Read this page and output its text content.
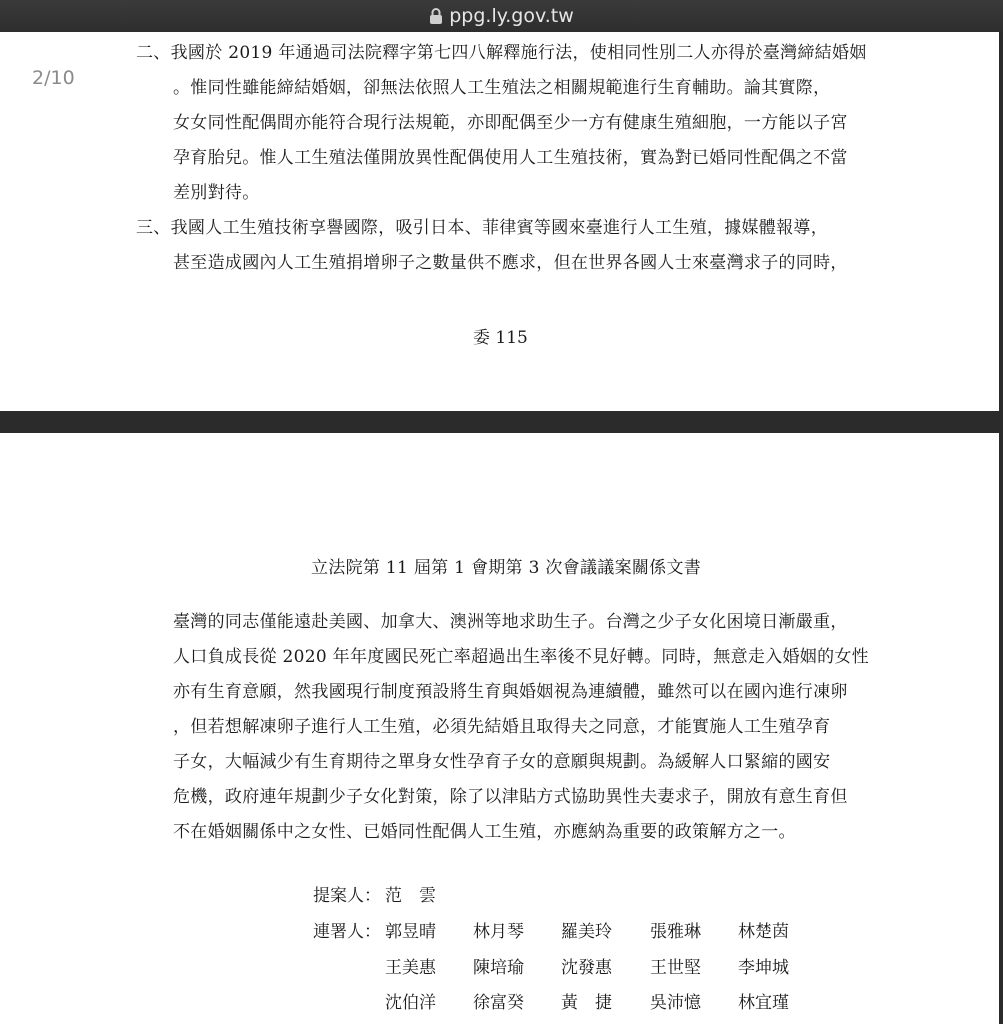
ppg.ly.gov.tw
2/10
二、我國於 2019 年通過司法院釋字第七四八解釋施行法，使相同性別二人亦得於臺灣締結婚姻
。惟同性雖能締結婚姻，卻無法依照人工生殖法之相關規範進行生育輔助。論其實際，
女女同性配偶間亦能符合現行法規範，亦即配偶至少一方有健康生殖細胞，一方能以子宮
孕育胎兒。惟人工生殖法僅開放異性配偶使用人工生殖技術，實為對已婚同性配偶之不當
差別對待。
三、我國人工生殖技術享譽國際，吸引日本、菲律賓等國來臺進行人工生殖，據媒體報導，
甚至造成國內人工生殖捐增卵子之數量供不應求，但在世界各國人士來臺灣求子的同時，
委 115
立法院第 11 屆第 1 會期第 3 次會議議案關係文書
臺灣的同志僅能遠赴美國、加拿大、澳洲等地求助生子。台灣之少子女化困境日漸嚴重，
人口負成長從 2020 年年度國民死亡率超過出生率後不見好轉。同時，無意走入婚姻的女性
亦有生育意願，然我國現行制度預設將生育與婚姻視為連續體，雖然可以在國內進行凍卵
，但若想解凍卵子進行人工生殖，必須先結婚且取得夫之同意，才能實施人工生殖孕育
子女，大幅減少有生育期待之單身女性孕育子女的意願與規劃。為緩解人口緊縮的國安
危機，政府連年規劃少子女化對策，除了以津貼方式協助異性夫妻求子，開放有意生育但
不在婚姻關係中之女性、已婚同性配偶人工生殖，亦應納為重要的政策解方之一。
提案人： 范　雲
連署人： 郭昱晴 林月琴 羅美玲 張雅琳 林楚茵
王美惠 陳培瑜 沈發惠 王世堅 李坤城
沈伯洋 徐富癸 黃　捷 吳沛憶 林宜瑾
